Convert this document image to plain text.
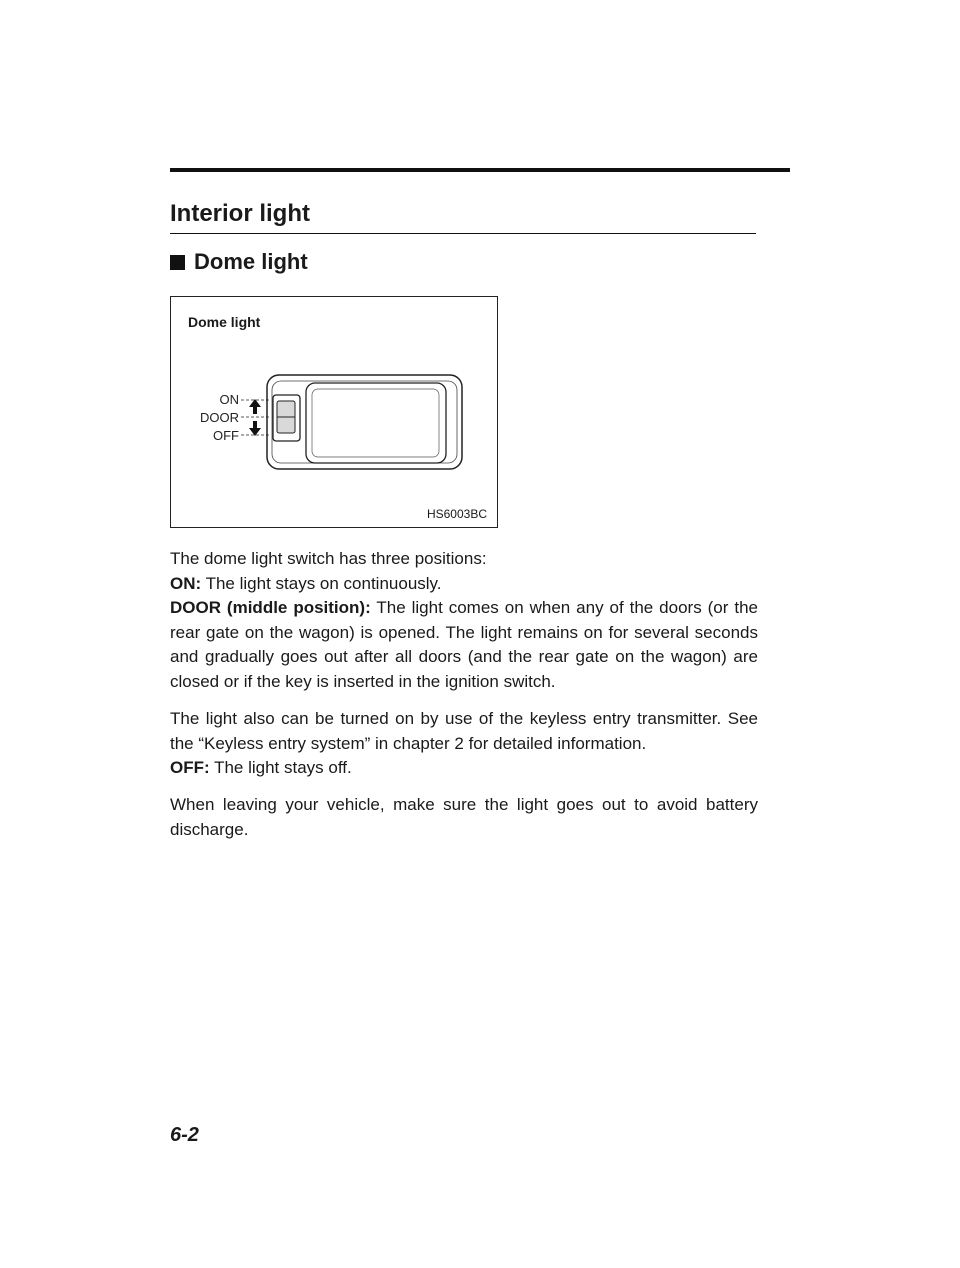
Interior light
Dome light
Dome light
ON
DOOR
OFF
HS6003BC

The dome light switch has three positions:
ON: The light stays on continuously.
DOOR (middle position): The light comes on when any of the doors (or the rear gate on the wagon) is opened. The light remains on for several seconds and gradually goes out after all doors (and the rear gate on the wagon) are closed or if the key is inserted in the ignition switch.

The light also can be turned on by use of the keyless entry transmitter. See the “Keyless entry system” in chapter 2 for detailed information.
OFF: The light stays off.

When leaving your vehicle, make sure the light goes out to avoid battery discharge.

6-2
